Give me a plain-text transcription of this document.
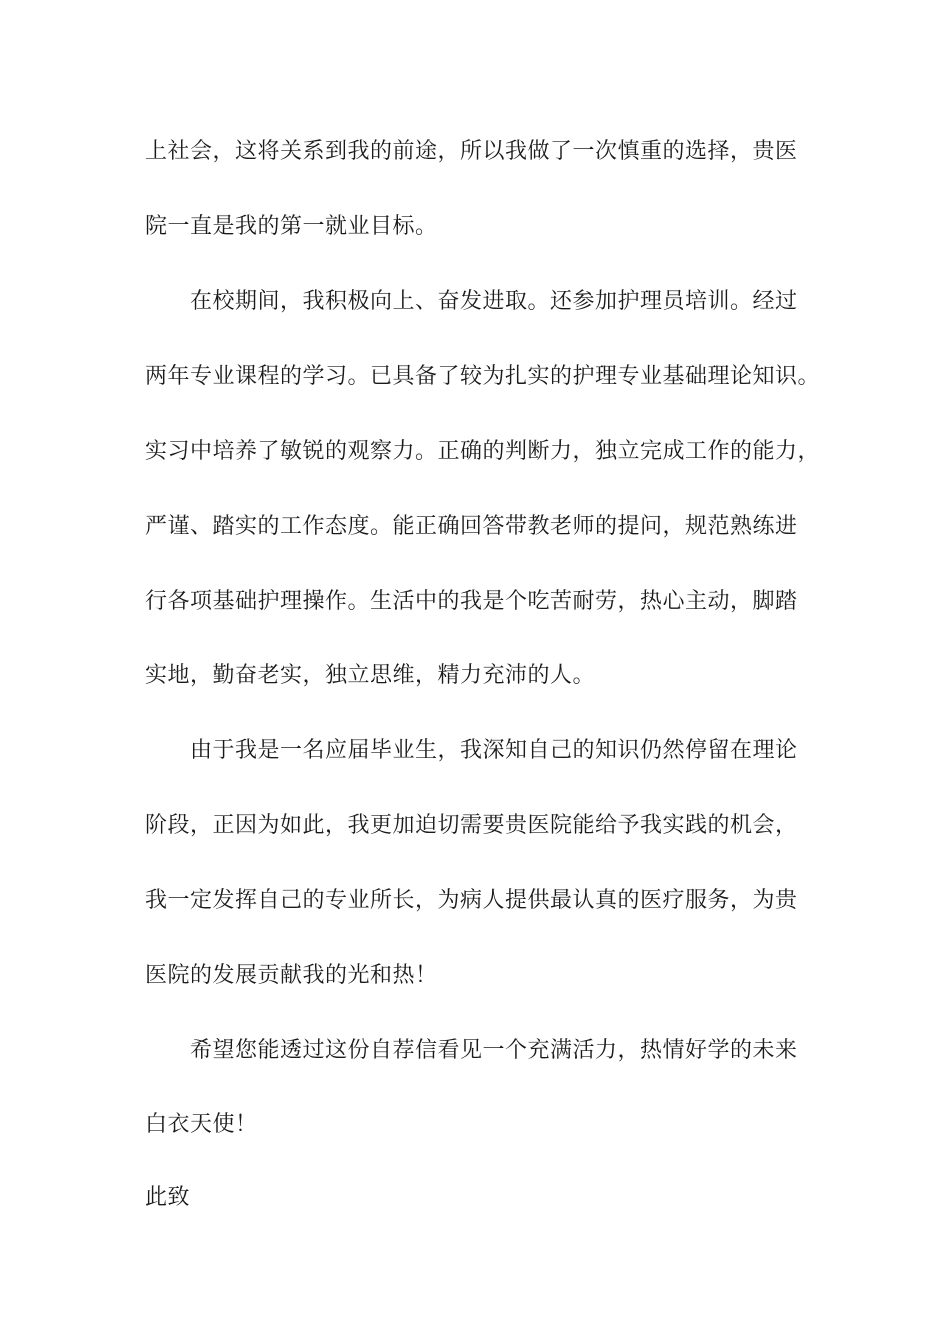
上社会，这将关系到我的前途，所以我做了一次慎重的选择，贵医
院一直是我的第一就业目标。
在校期间，我积极向上、奋发进取。还参加护理员培训。经过
两年专业课程的学习。已具备了较为扎实的护理专业基础理论知识。
实习中培养了敏锐的观察力。正确的判断力，独立完成工作的能力，
严谨、踏实的工作态度。能正确回答带教老师的提问，规范熟练进
行各项基础护理操作。生活中的我是个吃苦耐劳，热心主动，脚踏
实地，勤奋老实，独立思维，精力充沛的人。
由于我是一名应届毕业生，我深知自己的知识仍然停留在理论
阶段，正因为如此，我更加迫切需要贵医院能给予我实践的机会，
我一定发挥自己的专业所长，为病人提供最认真的医疗服务，为贵
医院的发展贡献我的光和热！
希望您能透过这份自荐信看见一个充满活力，热情好学的未来
白衣天使！
此致
